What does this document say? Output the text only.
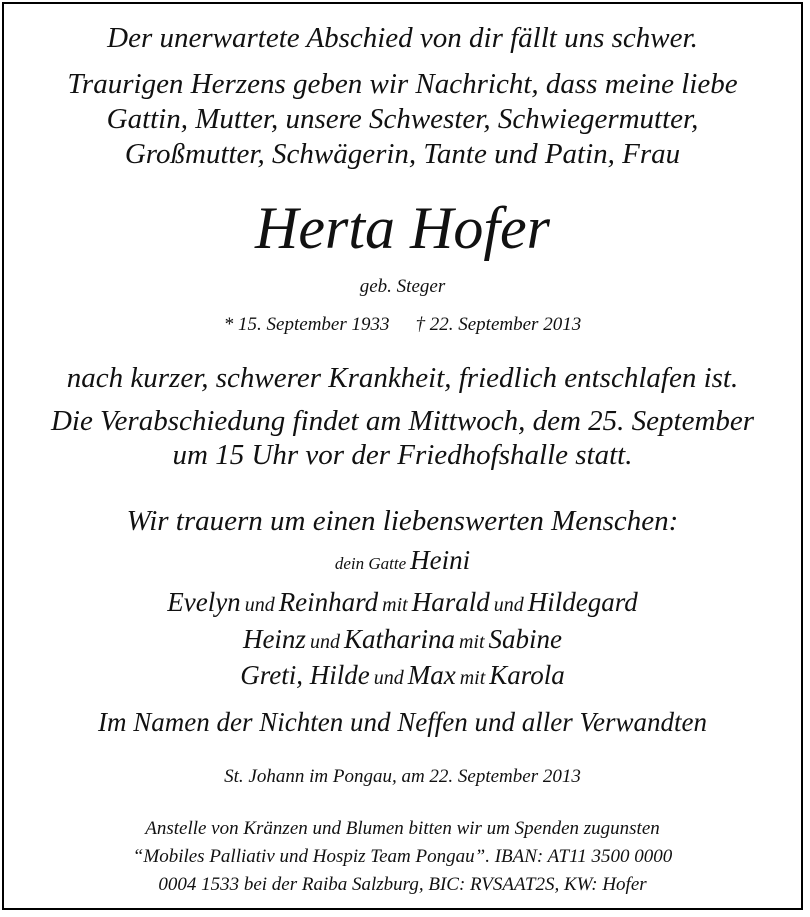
Der unerwartete Abschied von dir fällt uns schwer.
Traurigen Herzens geben wir Nachricht, dass meine liebe
Gattin, Mutter, unsere Schwester, Schwiegermutter,
Großmutter, Schwägerin, Tante und Patin, Frau
Herta Hofer
geb. Steger
* 15. September 1933 † 22. September 2013
nach kurzer, schwerer Krankheit, friedlich entschlafen ist.
Die Verabschiedung findet am Mittwoch, dem 25. September
um 15 Uhr vor der Friedhofshalle statt.
Wir trauern um einen liebenswerten Menschen:
dein Gatte Heini
Evelyn und Reinhard mit Harald und Hildegard
Heinz und Katharina mit Sabine
Greti, Hilde und Max mit Karola
Im Namen der Nichten und Neffen und aller Verwandten
St. Johann im Pongau, am 22. September 2013
Anstelle von Kränzen und Blumen bitten wir um Spenden zugunsten
“Mobiles Palliativ und Hospiz Team Pongau”. IBAN: AT11 3500 0000
0004 1533 bei der Raiba Salzburg, BIC: RVSAAT2S, KW: Hofer
